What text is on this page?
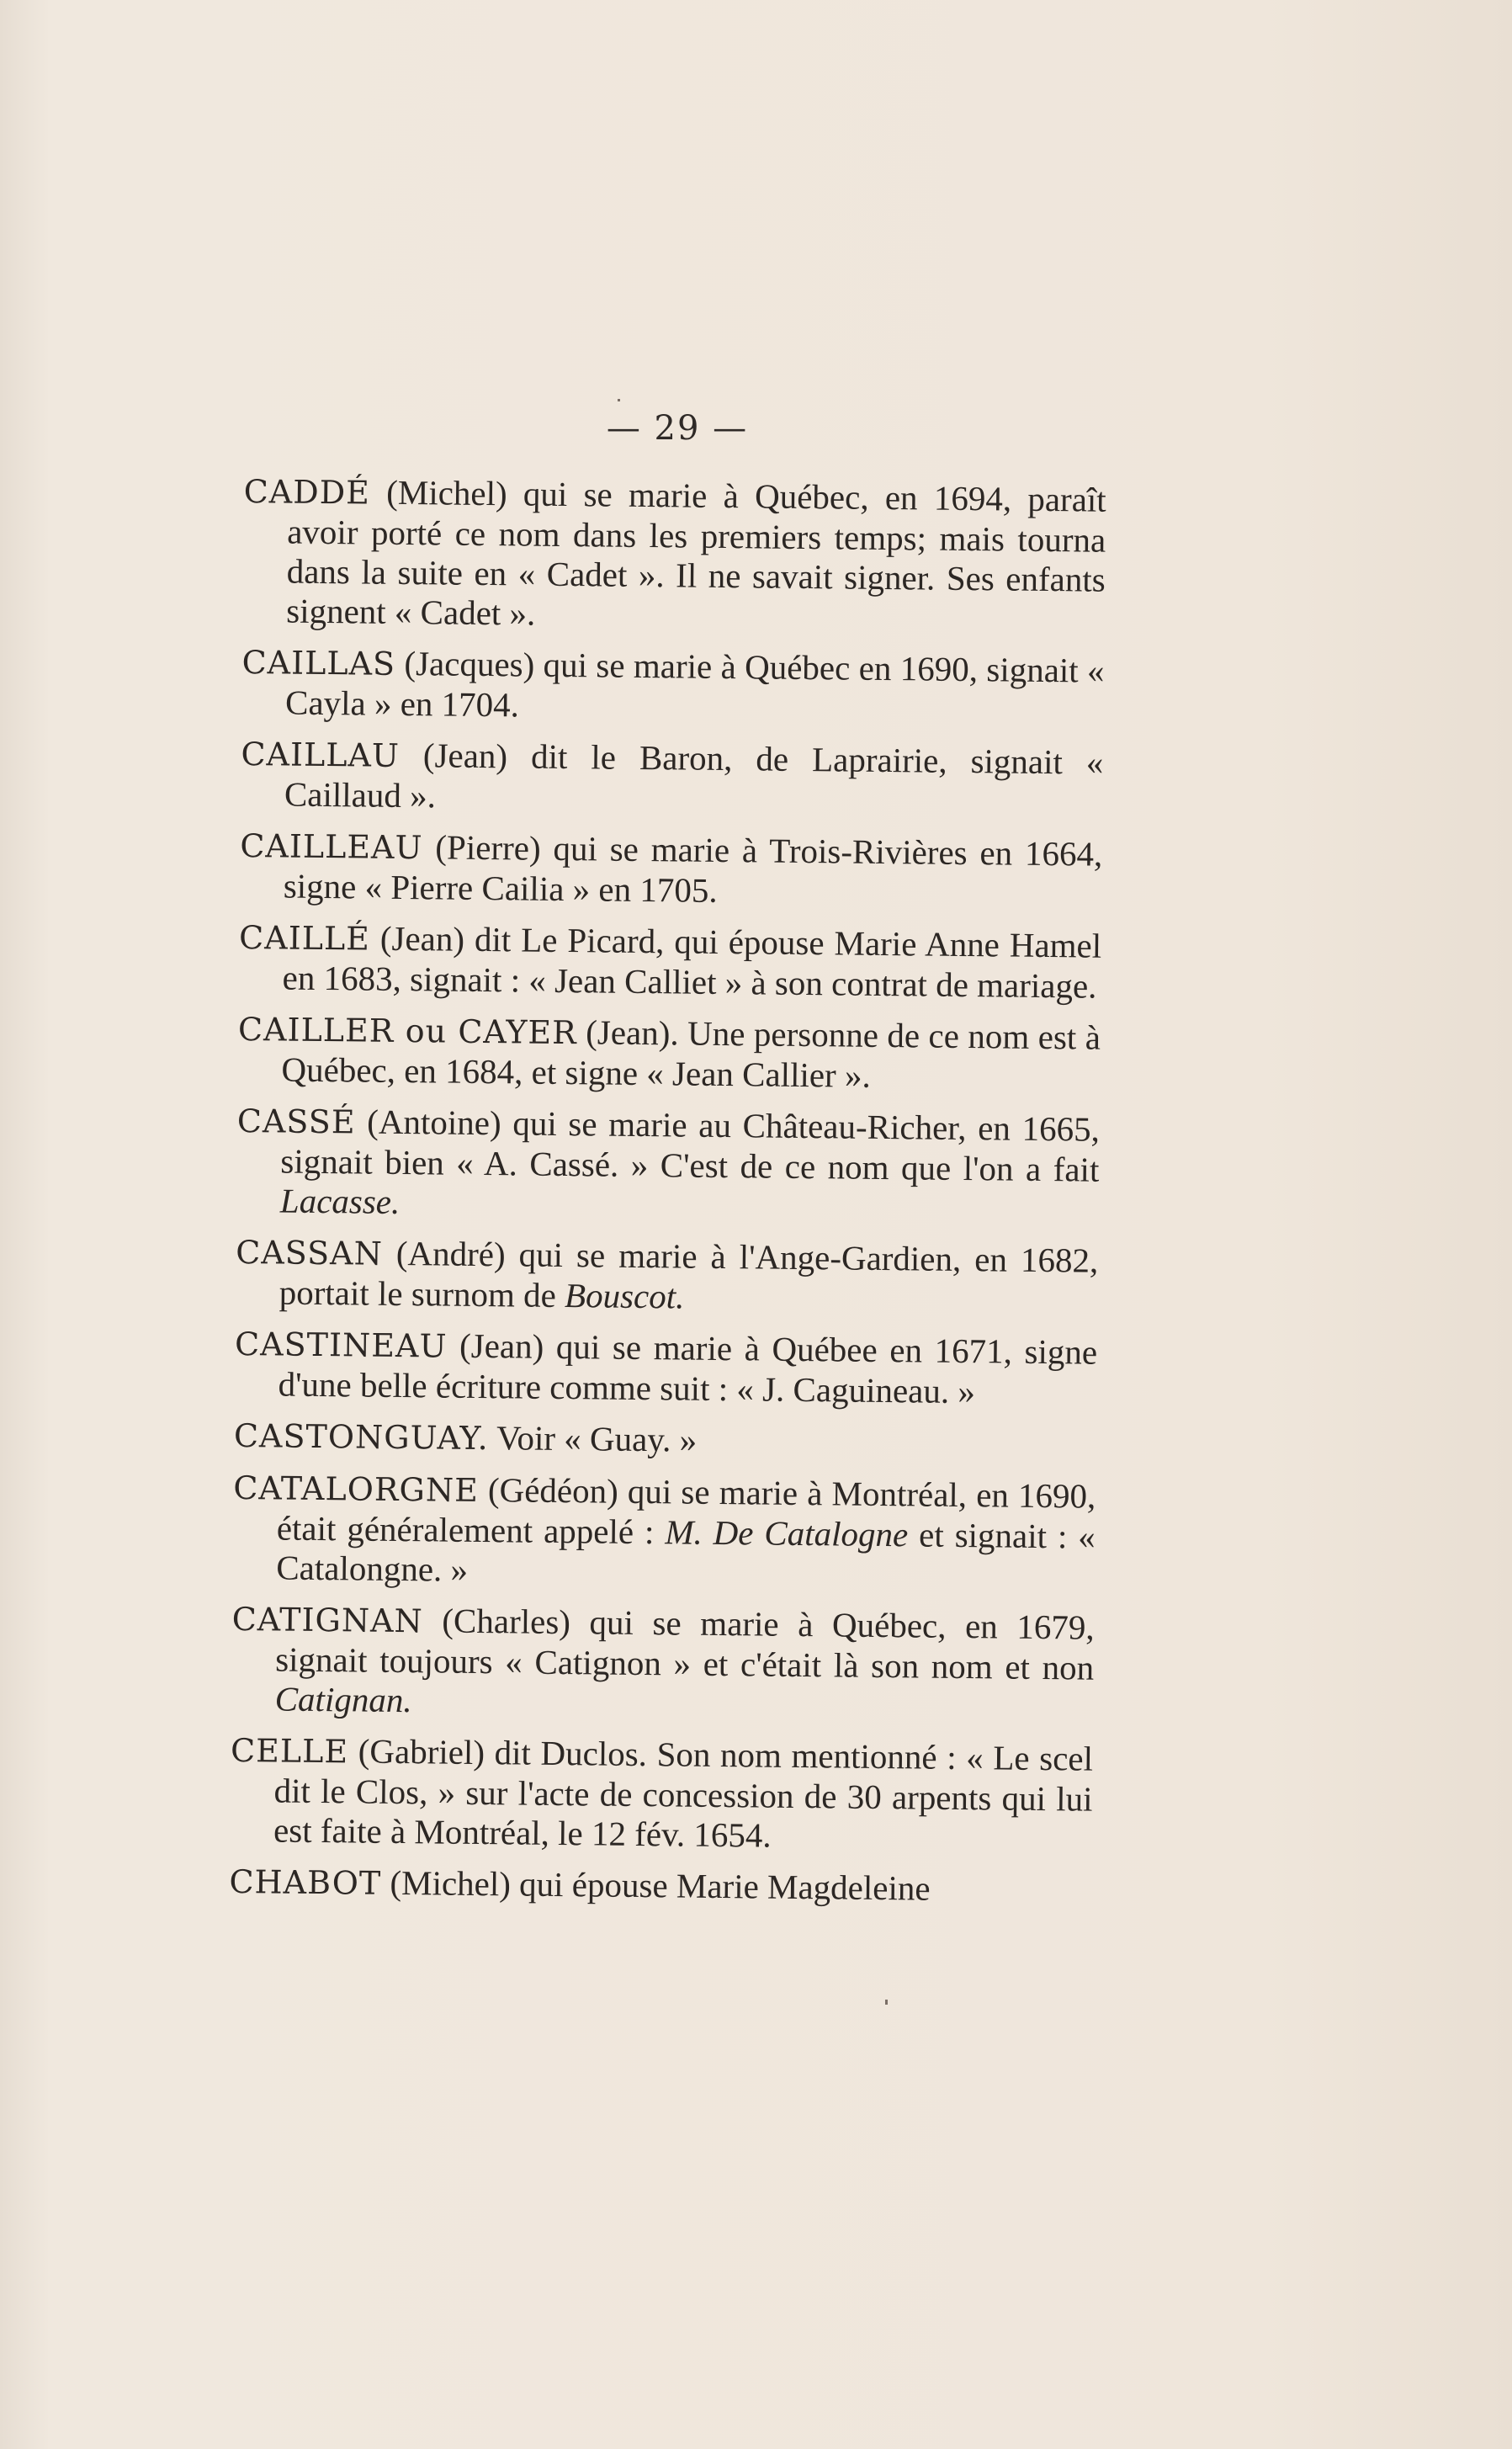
— 29 —

CADDÉ (Michel) qui se marie à Québec, en 1694, paraît avoir porté ce nom dans les premiers temps; mais tourna dans la suite en « Cadet ». Il ne savait signer. Ses enfants signent « Cadet ».

CAILLAS (Jacques) qui se marie à Québec en 1690, signait « Cayla » en 1704.

CAILLAU (Jean) dit le Baron, de Laprairie, signait « Caillaud ».

CAILLEAU (Pierre) qui se marie à Trois-Rivières en 1664, signe « Pierre Cailia » en 1705.

CAILLÉ (Jean) dit Le Picard, qui épouse Marie Anne Hamel en 1683, signait : « Jean Calliet » à son contrat de mariage.

CAILLER ou CAYER (Jean). Une personne de ce nom est à Québec, en 1684, et signe « Jean Callier ».

CASSÉ (Antoine) qui se marie au Château-Richer, en 1665, signait bien « A. Cassé. » C'est de ce nom que l'on a fait Lacasse.

CASSAN (André) qui se marie à l'Ange-Gardien, en 1682, portait le surnom de Bouscot.

CASTINEAU (Jean) qui se marie à Québee en 1671, signe d'une belle écriture comme suit : « J. Caguineau. »

CASTONGUAY. Voir « Guay. »

CATALORGNE (Gédéon) qui se marie à Montréal, en 1690, était généralement appelé : M. De Catalogne et signait : « Catalongne. »

CATIGNAN (Charles) qui se marie à Québec, en 1679, signait toujours « Catignon » et c'était là son nom et non Catignan.

CELLE (Gabriel) dit Duclos. Son nom mentionné : « Le scel dit le Clos, » sur l'acte de concession de 30 arpents qui lui est faite à Montréal, le 12 fév. 1654.

CHABOT (Michel) qui épouse Marie Magdeleine
